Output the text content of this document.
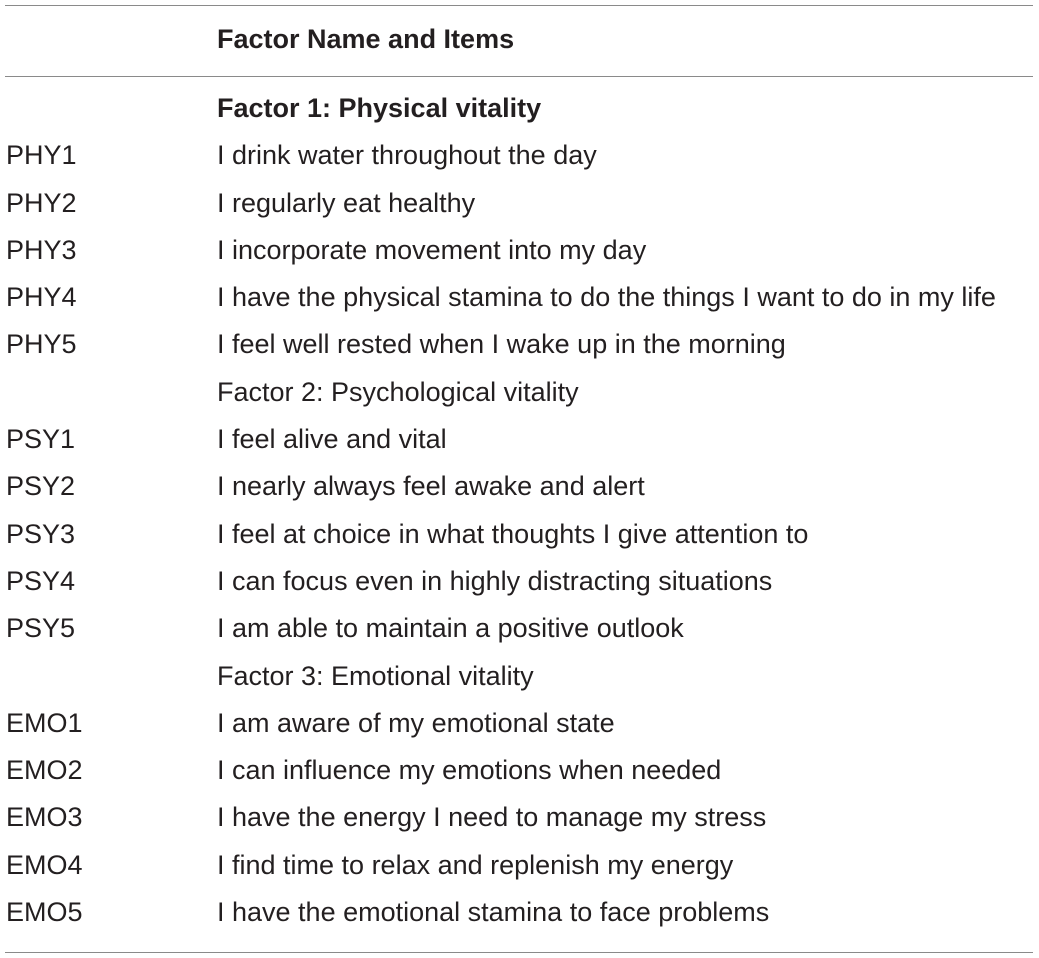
Factor Name and Items
Factor 1: Physical vitality
PHY1	I drink water throughout the day
PHY2	I regularly eat healthy
PHY3	I incorporate movement into my day
PHY4	I have the physical stamina to do the things I want to do in my life
PHY5	I feel well rested when I wake up in the morning
Factor 2: Psychological vitality
PSY1	I feel alive and vital
PSY2	I nearly always feel awake and alert
PSY3	I feel at choice in what thoughts I give attention to
PSY4	I can focus even in highly distracting situations
PSY5	I am able to maintain a positive outlook
Factor 3: Emotional vitality
EMO1	I am aware of my emotional state
EMO2	I can influence my emotions when needed
EMO3	I have the energy I need to manage my stress
EMO4	I find time to relax and replenish my energy
EMO5	I have the emotional stamina to face problems
